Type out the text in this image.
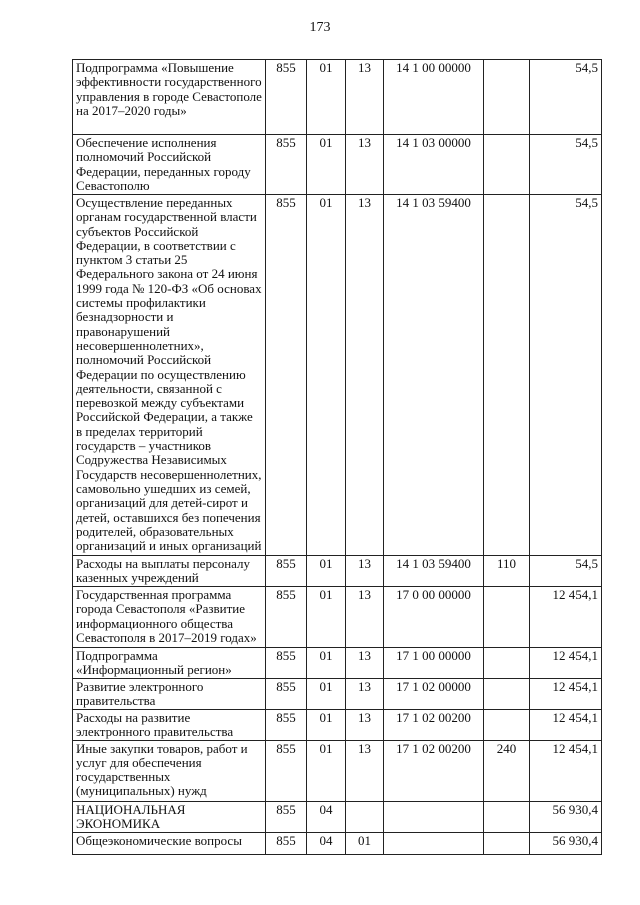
173
Подпрограмма «Повышение эффективности государственного управления в городе Севастополе на 2017–2020 годы»	855	01	13	14 1 00 00000		54,5
Обеспечение исполнения полномочий Российской Федерации, переданных городу Севастополю	855	01	13	14 1 03 00000		54,5
Осуществление переданных органам государственной власти субъектов Российской Федерации, в соответствии с пунктом 3 статьи 25 Федерального закона от 24 июня 1999 года № 120-ФЗ «Об основах системы профилактики безнадзорности и правонарушений несовершеннолетних», полномочий Российской Федерации по осуществлению деятельности, связанной с перевозкой между субъектами Российской Федерации, а также в пределах территорий государств – участников Содружества Независимых Государств несовершеннолетних, самовольно ушедших из семей, организаций для детей-сирот и детей, оставшихся без попечения родителей, образовательных организаций и иных организаций	855	01	13	14 1 03 59400		54,5
Расходы на выплаты персоналу казенных учреждений	855	01	13	14 1 03 59400	110	54,5
Государственная программа города Севастополя «Развитие информационного общества Севастополя в 2017–2019 годах»	855	01	13	17 0 00 00000		12 454,1
Подпрограмма «Информационный регион»	855	01	13	17 1 00 00000		12 454,1
Развитие электронного правительства	855	01	13	17 1 02 00000		12 454,1
Расходы на развитие электронного правительства	855	01	13	17 1 02 00200		12 454,1
Иные закупки товаров, работ и услуг для обеспечения государственных (муниципальных) нужд	855	01	13	17 1 02 00200	240	12 454,1
НАЦИОНАЛЬНАЯ ЭКОНОМИКА	855	04				56 930,4
Общеэкономические вопросы	855	04	01			56 930,4
